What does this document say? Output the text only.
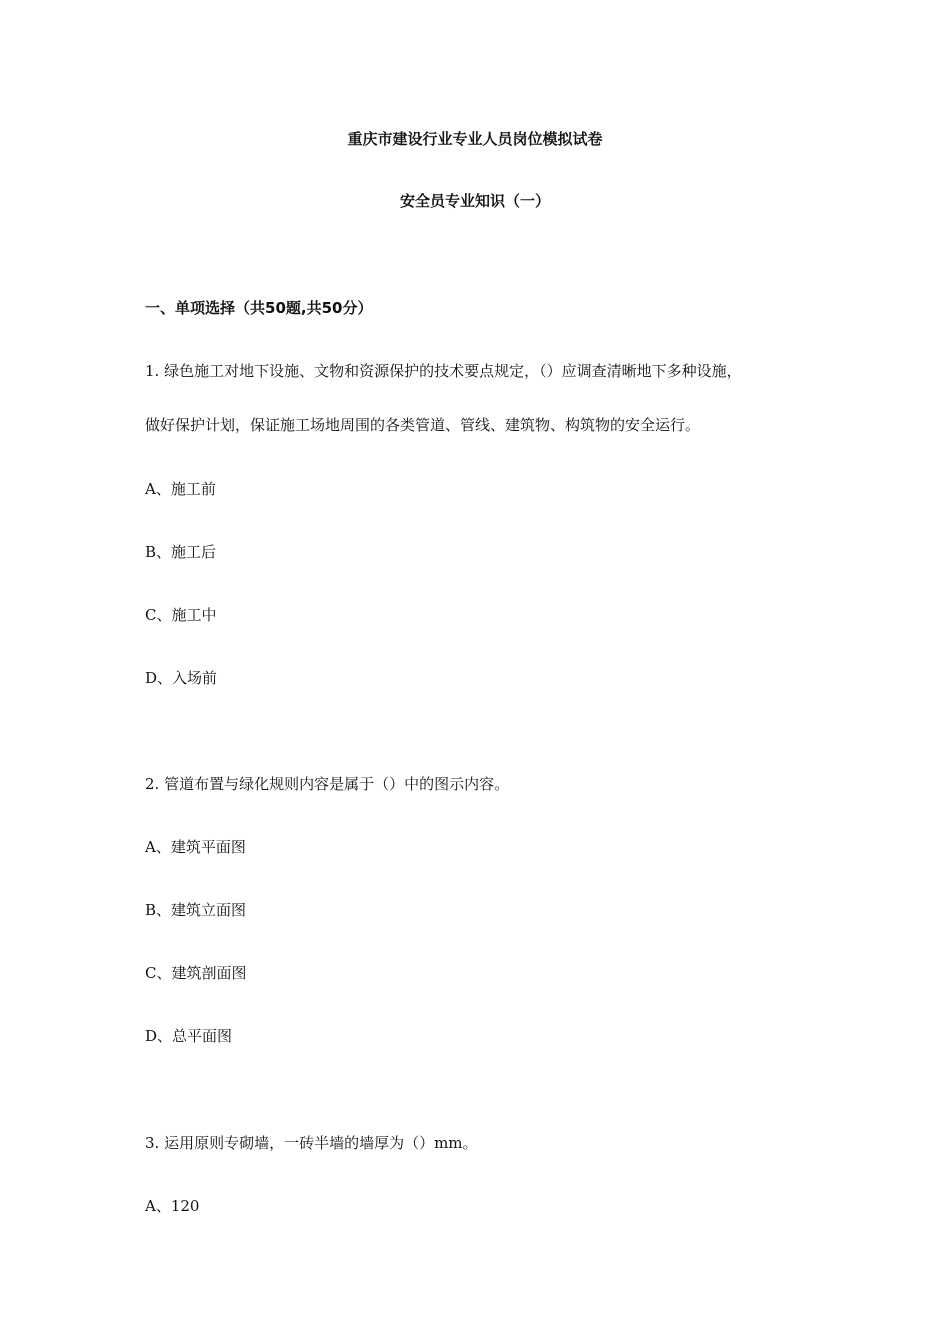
重庆市建设行业专业人员岗位模拟试卷
安全员专业知识（一）
一、单项选择（共50题,共50分）
1. 绿色施工对地下设施、文物和资源保护的技术要点规定，（）应调查清晰地下多种设施，
做好保护计划，保证施工场地周围的各类管道、管线、建筑物、构筑物的安全运行。
A、施工前
B、施工后
C、施工中
D、入场前
2. 管道布置与绿化规则内容是属于（）中的图示内容。
A、建筑平面图
B、建筑立面图
C、建筑剖面图
D、总平面图
3. 运用原则专砌墙，一砖半墙的墙厚为（）mm。
A、120
